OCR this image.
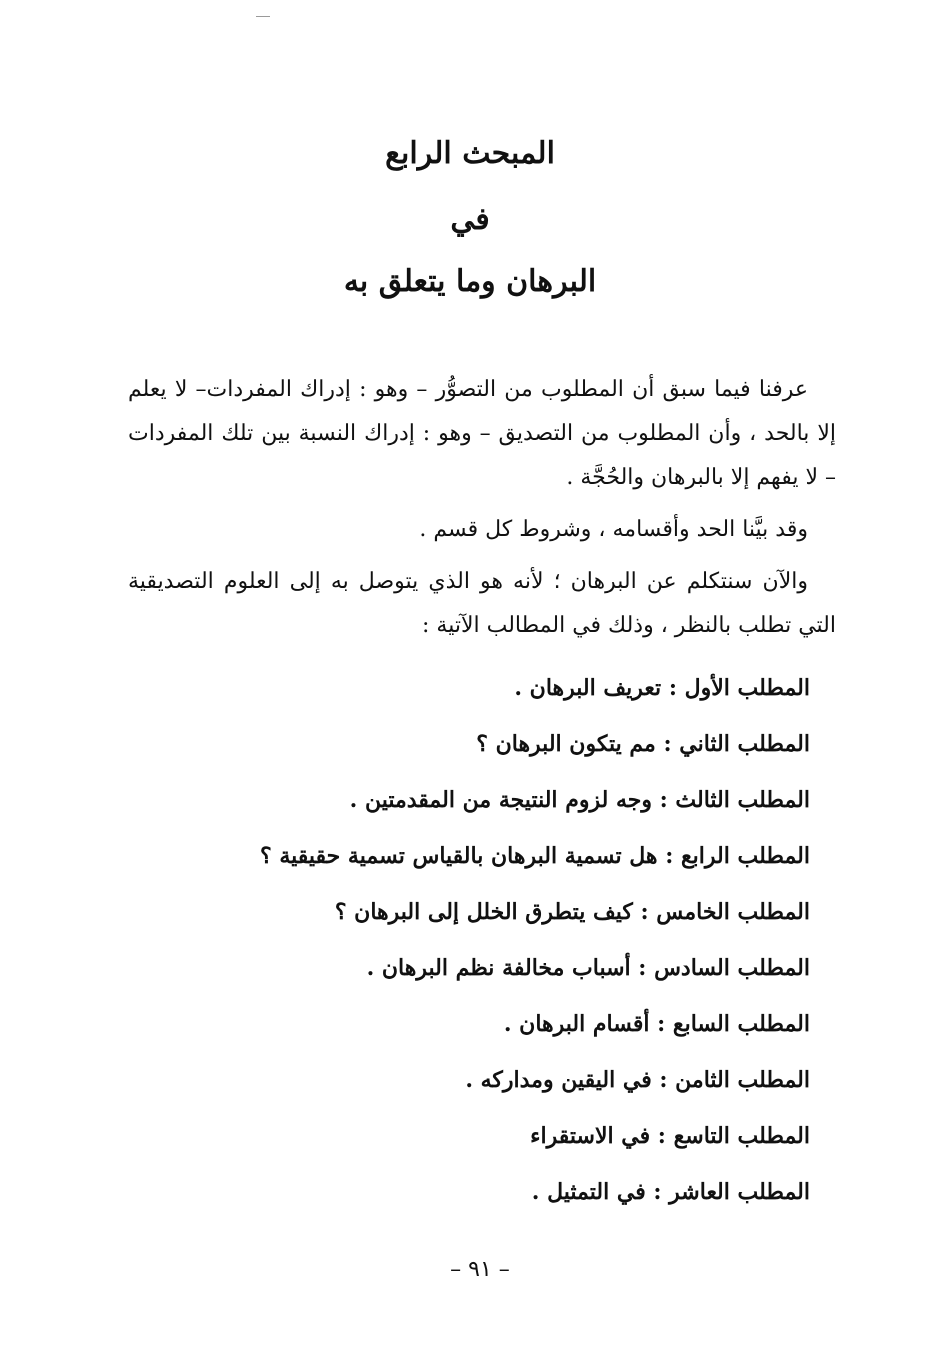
المبحث الرابع
في
البرهان وما يتعلق به
عرفنا فيما سبق أن المطلوب من التصوُّر – وهو : إدراك المفردات– لا يعلم إلا بالحد ، وأن المطلوب من التصديق – وهو : إدراك النسبة بين تلك المفردات – لا يفهم إلا بالبرهان والحُجَّة .
وقد بيَّنا الحد وأقسامه ، وشروط كل قسم .
والآن سنتكلم عن البرهان ؛ لأنه هو الذي يتوصل به إلى العلوم التصديقية التي تطلب بالنظر ، وذلك في المطالب الآتية :
المطلب الأول : تعريف البرهان .
المطلب الثاني : مم يتكون البرهان ؟
المطلب الثالث : وجه لزوم النتيجة من المقدمتين .
المطلب الرابع : هل تسمية البرهان بالقياس تسمية حقيقية ؟
المطلب الخامس : كيف يتطرق الخلل إلى البرهان ؟
المطلب السادس : أسباب مخالفة نظم البرهان .
المطلب السابع : أقسام البرهان .
المطلب الثامن : في اليقين ومداركه .
المطلب التاسع : في الاستقراء
المطلب العاشر : في التمثيل .
– ٩١ –
